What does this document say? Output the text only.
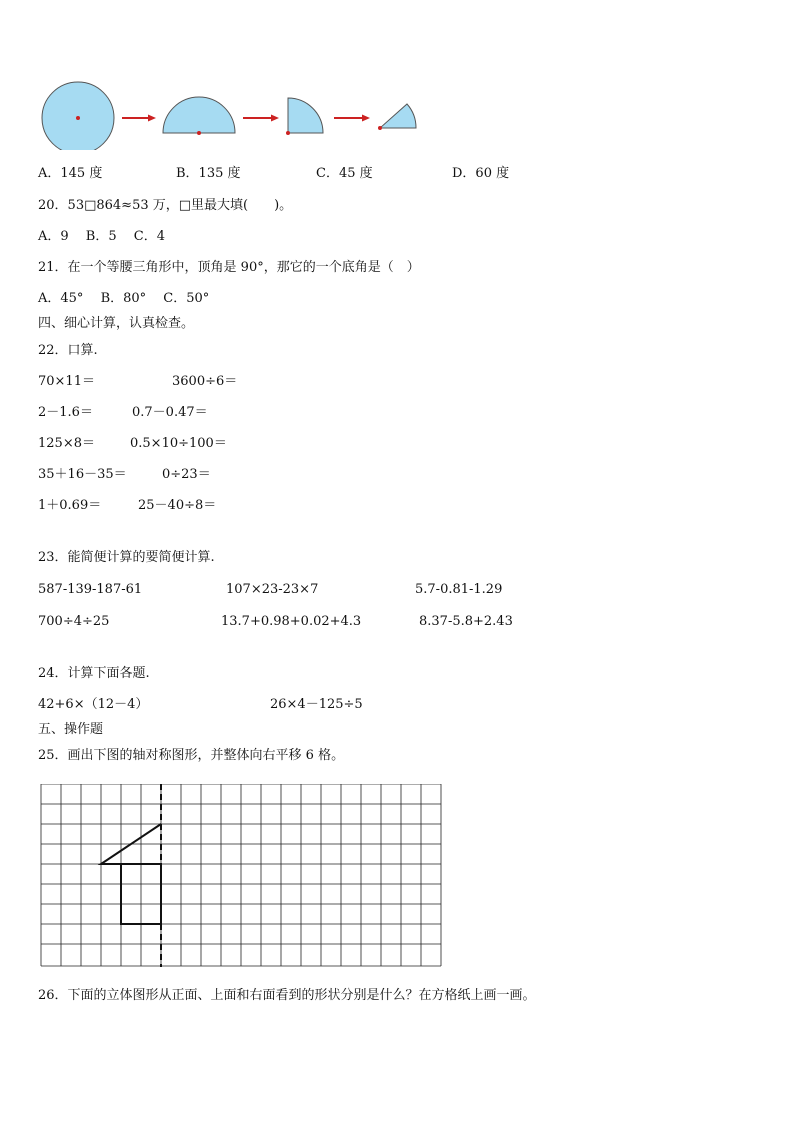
A．145 度	B．135 度	C．45 度	D．60 度
20．53□864≈53 万，□里最大填(　　)。
A．9　 B．5　 C．4
21．在一个等腰三角形中，顶角是 90°，那它的一个底角是（　）
A．45°　 B．80°　 C．50°
四、细心计算，认真检查。
22．口算.
70×11＝	3600÷6＝
2－1.6＝	0.7－0.47＝
125×8＝	0.5×10÷100＝
35＋16－35＝	0÷23＝
1＋0.69＝	25－40÷8＝
23．能简便计算的要简便计算.
587-139-187-61	107×23-23×7	5.7-0.81-1.29
700÷4÷25	13.7+0.98+0.02+4.3	8.37-5.8+2.43
24．计算下面各题.
42+6×（12－4）	26×4－125÷5
五、操作题
25．画出下图的轴对称图形，并整体向右平移 6 格。
26．下面的立体图形从正面、上面和右面看到的形状分别是什么？在方格纸上画一画。
